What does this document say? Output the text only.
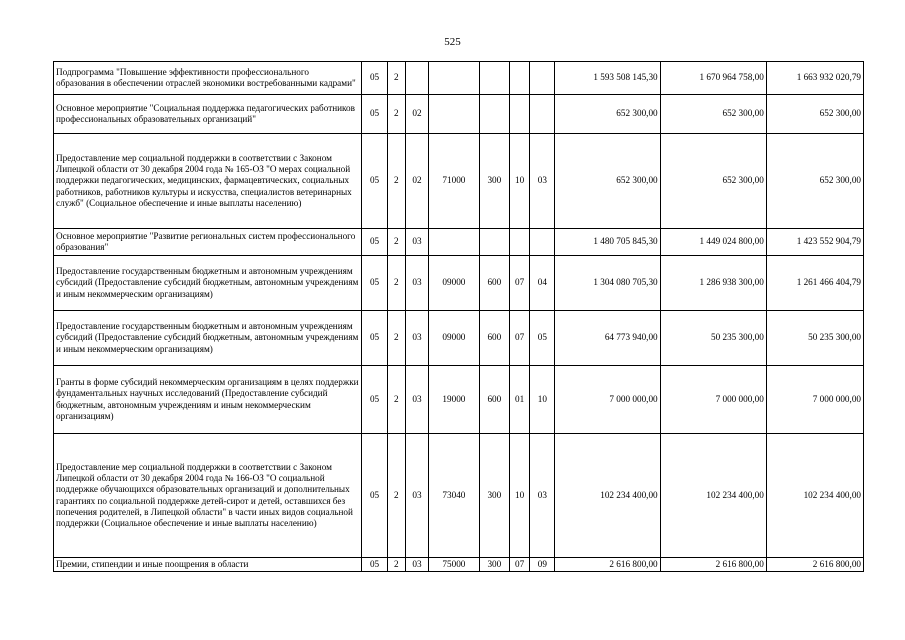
525
Подпрограмма "Повышение эффективности профессионального образования в обеспечении отраслей экономики востребованными кадрами"	05	2						1 593 508 145,30	1 670 964 758,00	1 663 932 020,79
Основное мероприятие "Социальная поддержка педагогических работников профессиональных образовательных организаций"	05	2	02					652 300,00	652 300,00	652 300,00
Предоставление мер социальной поддержки в соответствии с Законом Липецкой области от 30 декабря 2004 года № 165-ОЗ "О мерах социальной поддержки педагогических, медицинских, фармацевтических, социальных работников, работников культуры и искусства, специалистов ветеринарных служб" (Социальное обеспечение и иные выплаты населению)	05	2	02	71000	300	10	03	652 300,00	652 300,00	652 300,00
Основное мероприятие "Развитие региональных систем профессионального образования"	05	2	03					1 480 705 845,30	1 449 024 800,00	1 423 552 904,79
Предоставление государственным бюджетным и автономным учреждениям субсидий (Предоставление субсидий бюджетным, автономным учреждениям и иным некоммерческим организациям)	05	2	03	09000	600	07	04	1 304 080 705,30	1 286 938 300,00	1 261 466 404,79
Предоставление государственным бюджетным и автономным учреждениям субсидий (Предоставление субсидий бюджетным, автономным учреждениям и иным некоммерческим организациям)	05	2	03	09000	600	07	05	64 773 940,00	50 235 300,00	50 235 300,00
Гранты в форме субсидий некоммерческим организациям в целях поддержки фундаментальных научных исследований (Предоставление субсидий бюджетным, автономным учреждениям и иным некоммерческим организациям)	05	2	03	19000	600	01	10	7 000 000,00	7 000 000,00	7 000 000,00
Предоставление мер социальной поддержки в соответствии с Законом Липецкой области от 30 декабря 2004 года № 166-ОЗ "О социальной поддержке обучающихся образовательных организаций и дополнительных гарантиях по социальной поддержке детей-сирот и детей, оставшихся без попечения родителей, в Липецкой области" в части иных видов социальной поддержки (Социальное обеспечение и иные выплаты населению)	05	2	03	73040	300	10	03	102 234 400,00	102 234 400,00	102 234 400,00
Премии, стипендии и иные поощрения в области	05	2	03	75000	300	07	09	2 616 800,00	2 616 800,00	2 616 800,00
